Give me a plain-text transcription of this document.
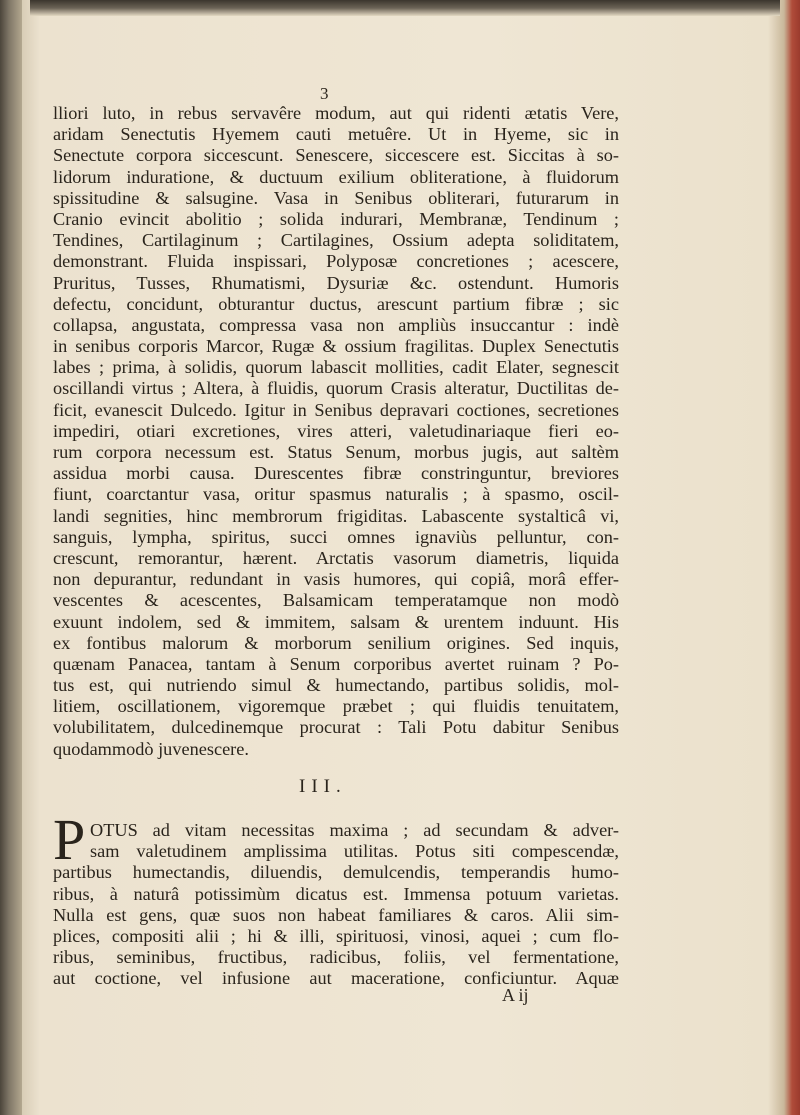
3
lliori luto, in rebus servavêre modum, aut qui ridenti ætatis Vere,
aridam Senectutis Hyemem cauti metuêre. Ut in Hyeme, sic in
Senectute corpora siccescunt. Senescere, siccescere est. Siccitas à so-
lidorum induratione, & ductuum exilium obliteratione, à fluidorum
spissitudine & salsugine. Vasa in Senibus obliterari, futurarum in
Cranio evincit abolitio ; solida indurari, Membranæ, Tendinum ;
Tendines, Cartilaginum ; Cartilagines, Ossium adepta soliditatem,
demonstrant. Fluida inspissari, Polyposæ concretiones ; acescere,
Pruritus, Tusses, Rhumatismi, Dysuriæ &c. ostendunt. Humoris
defectu, concidunt, obturantur ductus, arescunt partium fibræ ; sic
collapsa, angustata, compressa vasa non ampliùs insuccantur : indè
in senibus corporis Marcor, Rugæ & ossium fragilitas. Duplex Senectutis
labes ; prima, à solidis, quorum labascit mollities, cadit Elater, segnescit
oscillandi virtus ; Altera, à fluidis, quorum Crasis alteratur, Ductilitas de-
ficit, evanescit Dulcedo. Igitur in Senibus depravari coctiones, secretiones
impediri, otiari excretiones, vires atteri, valetudinariaque fieri eo-
rum corpora necessum est. Status Senum, morbus jugis, aut saltèm
assidua morbi causa. Durescentes fibræ constringuntur, breviores
fiunt, coarctantur vasa, oritur spasmus naturalis ; à spasmo, oscil-
landi segnities, hinc membrorum frigiditas. Labascente systalticâ vi,
sanguis, lympha, spiritus, succi omnes ignaviùs pelluntur, con-
crescunt, remorantur, hærent. Arctatis vasorum diametris, liquida
non depurantur, redundant in vasis humores, qui copiâ, morâ effer-
vescentes & acescentes, Balsamicam temperatamque non modò
exuunt indolem, sed & immitem, salsam & urentem induunt. His
ex fontibus malorum & morborum senilium origines. Sed inquis,
quænam Panacea, tantam à Senum corporibus avertet ruinam ? Po-
tus est, qui nutriendo simul & humectando, partibus solidis, mol-
litiem, oscillationem, vigoremque præbet ; qui fluidis tenuitatem,
volubilitatem, dulcedinemque procurat : Tali Potu dabitur Senibus
quodammodò juvenescere.
III.
P OTUS ad vitam necessitas maxima ; ad secundam & adver-
sam valetudinem amplissima utilitas. Potus siti compescendæ,
partibus humectandis, diluendis, demulcendis, temperandis humo-
ribus, à naturâ potissimùm dicatus est. Immensa potuum varietas.
Nulla est gens, quæ suos non habeat familiares & caros. Alii sim-
plices, compositi alii ; hi & illi, spirituosi, vinosi, aquei ; cum flo-
ribus, seminibus, fructibus, radicibus, foliis, vel fermentatione,
aut coctione, vel infusione aut maceratione, conficiuntur. Aquæ
A ij
